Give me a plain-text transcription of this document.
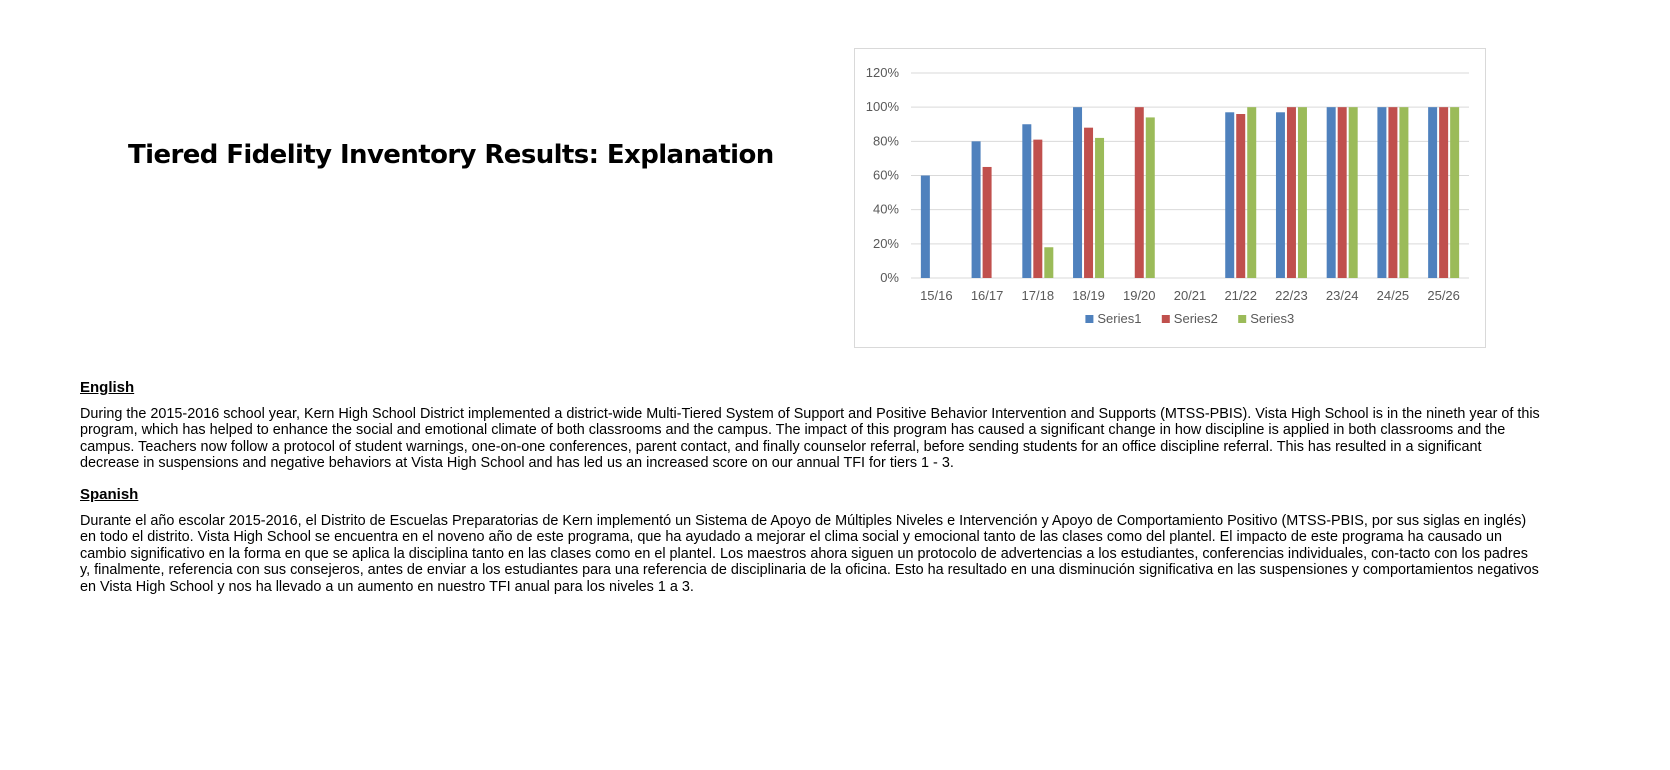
Tiered Fidelity Inventory Results: Explanation
0%
20%
40%
60%
80%
100%
120%
15/16 16/17 17/18 18/19 19/20 20/21 21/22 22/23 23/24 24/25 25/26
Series1 Series2 Series3
English

During the 2015-2016 school year, Kern High School District implemented a district-wide Multi-Tiered System of Support and Positive Behavior Intervention and Supports (MTSS-PBIS). Vista High School is in the nineth year of this program, which has helped to enhance the social and emotional climate of both classrooms and the campus. The impact of this program has caused a significant change in how discipline is applied in both classrooms and the campus. Teachers now follow a protocol of student warnings, one-on-one conferences, parent contact, and finally counselor referral, before sending students for an office discipline referral. This has resulted in a significant decrease in suspensions and negative behaviors at Vista High School and has led us an increased score on our annual TFI for tiers 1 - 3.

Spanish

Durante el año escolar 2015-2016, el Distrito de Escuelas Preparatorias de Kern implementó un Sistema de Apoyo de Múltiples Niveles e Intervención y Apoyo de Comportamiento Positivo (MTSS-PBIS, por sus siglas en inglés) en todo el distrito. Vista High School se encuentra en el noveno año de este programa, que ha ayudado a mejorar el clima social y emocional tanto de las clases como del plantel. El impacto de este programa ha causado un cambio significativo en la forma en que se aplica la disciplina tanto en las clases como en el plantel. Los maestros ahora siguen un protocolo de advertencias a los estudiantes, conferencias individuales, con-tacto con los padres y, finalmente, referencia con sus consejeros, antes de enviar a los estudiantes para una referencia de disciplinaria de la oficina. Esto ha resultado en una disminución significativa en las suspensiones y comportamientos negativos en Vista High School y nos ha llevado a un aumento en nuestro TFI anual para los niveles 1 a 3.
